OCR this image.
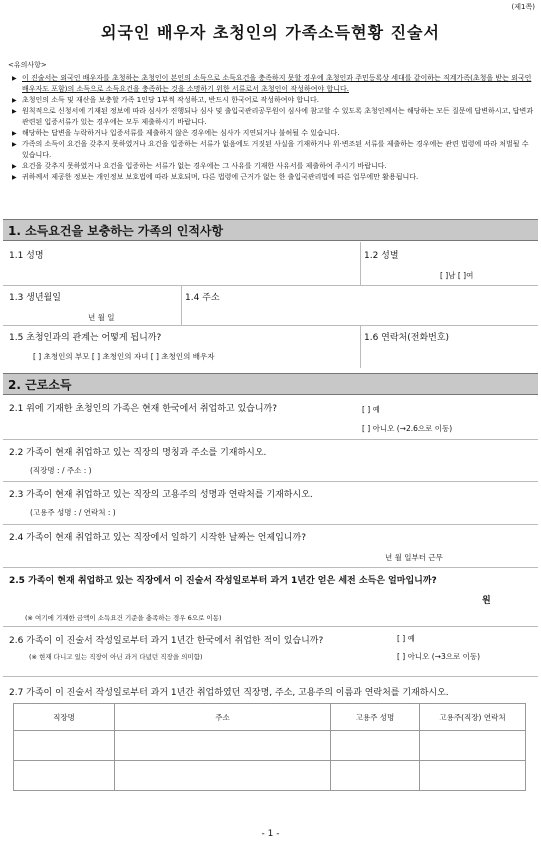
(제1쪽)
외국인 배우자 초청인의 가족소득현황 진술서
<유의사항>
▶ 이 진술서는 외국인 배우자를 초청하는 초청인이 본인의 소득으로 소득요건을 충족하지 못할 경우에 초청인과 주민등록상 세대를 같이하는 직계가족(초청을 받는 외국인 배우자도 포함)의 소득으로 소득요건을 충족하는 것을 소명하기 위한 서류로서 초청인이 작성하여야 합니다.
▶ 초청인의 소득 및 재산을 보충할 가족 1인당 1부씩 작성하고, 반드시 한국어로 작성하여야 합니다.
▶ 원칙적으로 신청서에 기재된 정보에 따라 심사가 진행되나 심사 및 출입국관리공무원이 심사에 참고할 수 있도록 초청인께서는 해당하는 모든 질문에 답변하시고, 답변과 관련된 입증서류가 있는 경우에는 모두 제출하시기 바랍니다.
▶ 해당하는 답변을 누락하거나 입증서류를 제출하지 않은 경우에는 심사가 지연되거나 불허될 수 있습니다.
▶ 가족의 소득이 요건을 갖추지 못하였거나 요건을 입증하는 서류가 없음에도 거짓된 사실을 기재하거나 위·변조된 서류를 제출하는 경우에는 관련 법령에 따라 처벌될 수 있습니다.
▶ 요건을 갖추지 못하였거나 요건을 입증하는 서류가 없는 경우에는 그 사유를 기재한 사유서를 제출하여 주시기 바랍니다.
▶ 귀하께서 제공한 정보는 개인정보 보호법에 따라 보호되며, 다른 법령에 근거가 없는 한 출입국관리법에 따른 업무에만 활용됩니다.
1. 소득요건을 보충하는 가족의 인적사항
1.1 성명	1.2 성별
[ ]남 [ ]여
1.3 생년월일
년 월 일
1.4 주소
1.5 초청인과의 관계는 어떻게 됩니까?
[ ] 초청인의 부모 [ ] 초청인의 자녀 [ ] 초청인의 배우자
1.6 연락처(전화번호)
2. 근로소득
2.1 위에 기재한 초청인의 가족은 현재 한국에서 취업하고 있습니까?	[ ] 예
[ ] 아니오 (→2.6으로 이동)
2.2 가족이 현재 취업하고 있는 직장의 명칭과 주소를 기재하시오.
(직장명 : / 주소 : )
2.3 가족이 현재 취업하고 있는 직장의 고용주의 성명과 연락처를 기재하시오.
(고용주 성명 : / 연락처 : )
2.4 가족이 현재 취업하고 있는 직장에서 일하기 시작한 날짜는 언제입니까?
년 월 일부터 근무
2.5 가족이 현재 취업하고 있는 직장에서 이 진술서 작성일로부터 과거 1년간 얻은 세전 소득은 얼마입니까?
원
(※ 여기에 기재한 금액이 소득요건 기준을 충족하는 경우 6으로 이동)
2.6 가족이 이 진술서 작성일로부터 과거 1년간 한국에서 취업한 적이 있습니까?
(※ 현재 다니고 있는 직장이 아닌 과거 다녔던 직장을 의미함)
[ ] 예
[ ] 아니오 (→3으로 이동)
2.7 가족이 이 진술서 작성일로부터 과거 1년간 취업하였던 직장명, 주소, 고용주의 이름과 연락처를 기재하시오.
직장명	주소	고용주 성명	고용주(직장) 연락처

- 1 -
